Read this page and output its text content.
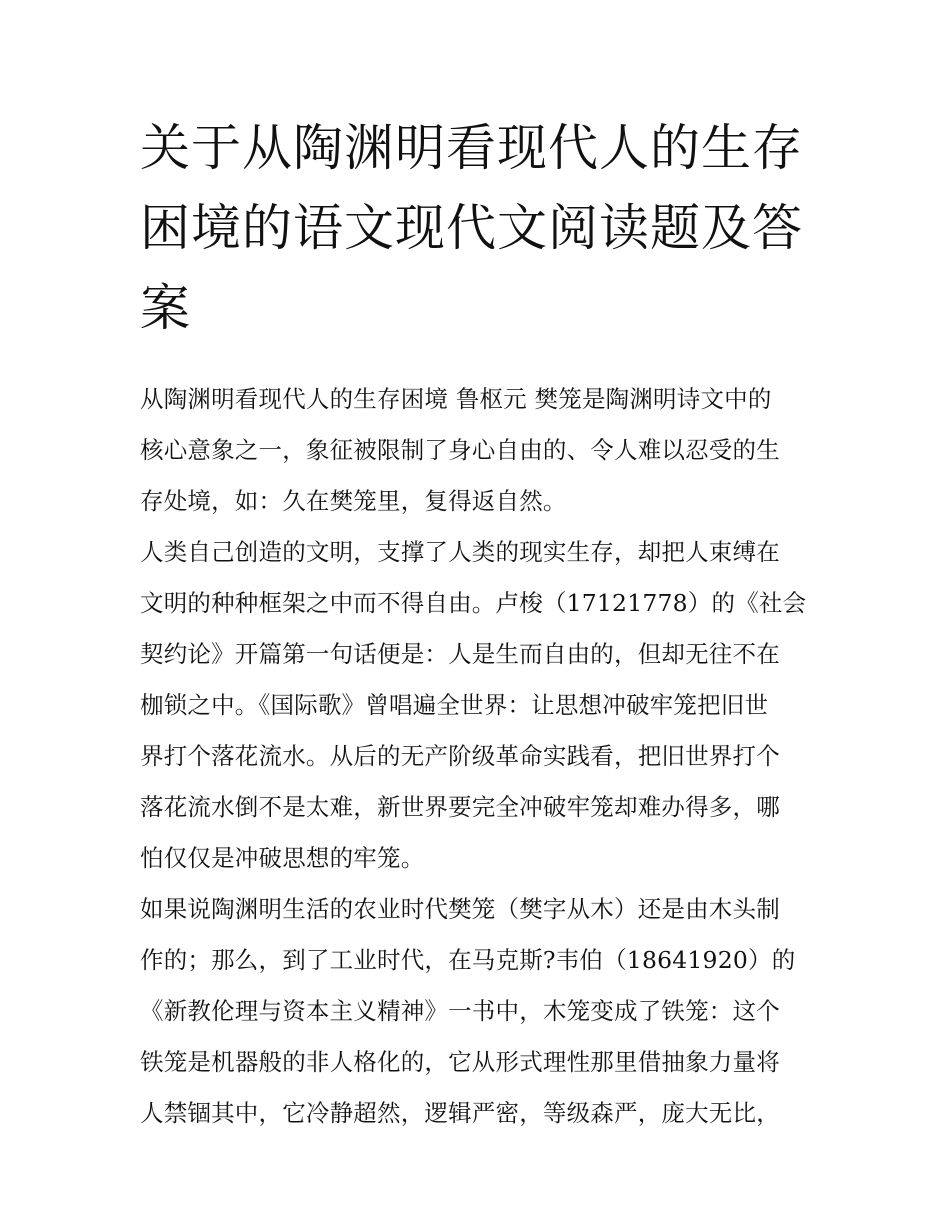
关于从陶渊明看现代人的生存
困境的语文现代文阅读题及答
案

从陶渊明看现代人的生存困境 鲁枢元 樊笼是陶渊明诗文中的
核心意象之一，象征被限制了身心自由的、令人难以忍受的生
存处境，如：久在樊笼里，复得返自然。

人类自己创造的文明，支撑了人类的现实生存，却把人束缚在
文明的种种框架之中而不得自由。卢梭（17121778）的《社会
契约论》开篇第一句话便是：人是生而自由的，但却无往不在
枷锁之中。《国际歌》曾唱遍全世界：让思想冲破牢笼把旧世
界打个落花流水。从后的无产阶级革命实践看，把旧世界打个
落花流水倒不是太难，新世界要完全冲破牢笼却难办得多，哪
怕仅仅是冲破思想的牢笼。

如果说陶渊明生活的农业时代樊笼（樊字从木）还是由木头制
作的；那么，到了工业时代，在马克斯?韦伯（18641920）的
《新教伦理与资本主义精神》一书中，木笼变成了铁笼：这个
铁笼是机器般的非人格化的，它从形式理性那里借抽象力量将
人禁锢其中，它冷静超然，逻辑严密，等级森严，庞大无比，
